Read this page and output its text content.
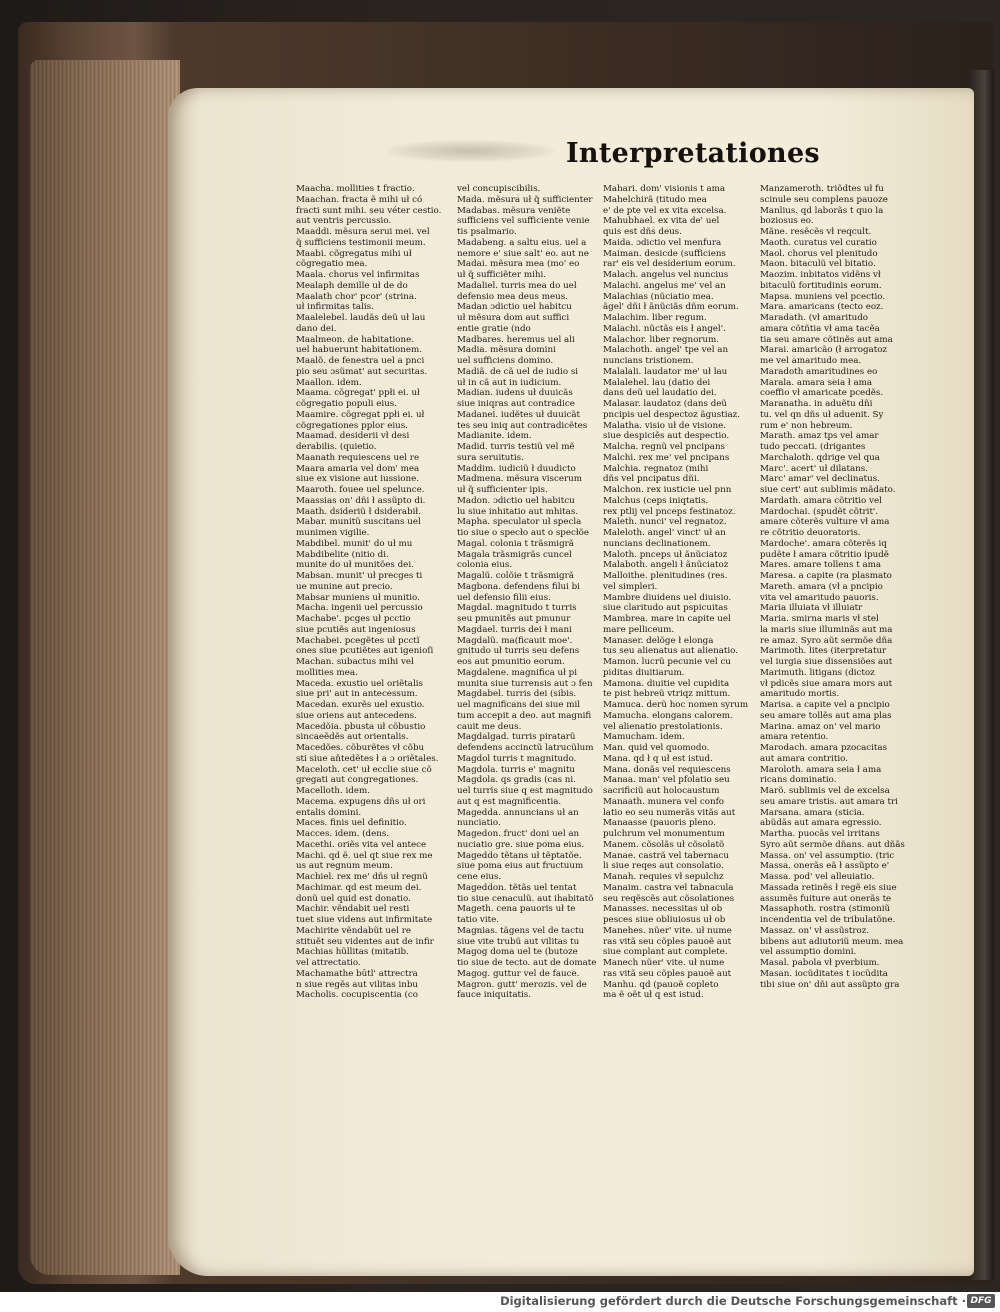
Interpretationes
Maacha. mollities t̃ fractio.
Maachan. fracta ẽ mihi uł có
fracti sunt mihi. seu véter cestio.
aut ventris percussio.
Maaddi. mẽsura serui mei. vel
q̃ sufficiens testimonii meum.
Maabi. cõgregatus mihi uł
cõgregatio mea.
Maala. chorus vel infirmitas
Mealaph demille uł de do
Maalath chor' pcor' (strina.
uł infirmitas talis.
Maalelebel. laudãs deũ uł lau
dano dei.
Maalmeon. de habitatione.
uel habuerunt habitationem.
Maalõ. de fenestra uel a pnci
pio seu ɔsũmat' aut securitas.
Maallon. idem.
Maama. cõgregat' ppłi ei. uł
cõgregatio populi eius.
Maamire. cõgregat ppłi ei. uł
cõgregationes pplor eius.
Maamad. desiderii vł desi
derabilis. (quietio.
Maanath requiescens uel re
Maara amaria vel dom' mea
siue ex visione aut iussione.
Maaroth. fouee uel spelunce.
Maassias on' dñi ł assũpto di.
Maath. dsideriũ ł dsiderabił.
Mabar. munitũ suscitans uel
munimen vigilie.
Mabdibel. munit' do uł mu
Mabdibelite (nitio di.
munite do uł munitões dei.
Mabsan. munit' uł precges ti
ue munine aut precio.
Mabsar muniens uł munitio.
Macha. ingenii uel percussio
Machabe'. pcges uł pcctio
siue pcutiẽs aut ingeniosus
Machabei. pcegẽtes uł pcctĩ
ones siue pcutiẽtes aut igenioſi
Machan. subactus mihi vel
mollities mea.
Maceda. exustio uel oriẽtalis
siue pri' aut in antecessum.
Macedan. exurẽs uel exustio.
siue oriens aut antecedens.
Macedõia. pbusta uł cõbustio
sincaeẽdẽs aut orientalis.
Macedões. cõburẽtes vł cõbu
sti siue aňtedẽtes ł a ɔ oriẽtales.
Maceloth. cet' uł ecclie siue cõ
gregati aut congregationes.
Macelloth. idem.
Macema. expugens dñs uł ori
entalis domini.
Maces. finis uel definitio.
Macces. idem. (dens.
Macethi. oriẽs vita vel antece
Machi. qd ẽ. uel qt siue rex me
us aut regnum meum.
Machiel. rex me' dñs uł regnũ
Machimar. qd est meum dei.
donũ uel quid est donatio.
Machir. vẽndabit uel resti
tuet siue videns aut infirmitate
Machirite vẽndabũt uel re
stituẽt seu videntes aut de infir
Machias hũllitas (mitatib.
vel attrectatio.
Machamathe būtl' attrectra
n siue regẽs aut vilitas inbu
Macholis. cocupiscentia (co
vel concupiscibilis.
Mada. mẽsura uł q̃ sufficienter
Madabas. mẽsura veniẽte
sufficiens vel sufficiente venie
tis psalmario.
Madabeng. a saltu eius. uel a
nemore e' siue salt' eo. aut ne
Madai. mẽsura mea (mo' eo
uł q̃ sufficiẽter mihi.
Madaliel. turris mea do uel
defensio mea deus meus.
Madan ɔdictio uel habitcu
uł mẽsura dom aut suffici
entie gratie (ndo
Madbares. heremus uel ali
Madia. mẽsura domini
uel sufficiens domino.
Madiã. de cã uel de iudio si
uł in cã aut in iudicium.
Madian. iudens uł duuicãs
siue iniqras aut contradice
Madanei. iudẽtes uł duuicãt
tes seu iniq aut contradicẽtes
Madianite. idem.
Madid. turris testiũ vel mẽ
sura seruitutis.
Maddim. iudiciũ ł duudicto
Madmena. mẽsura viscerum
uł q̃ sufficienter ipis.
Madon. ɔdictio uel habitcu
lu siue inhitatio aut mhitas.
Mapha. speculator uł specla
tio siue o specło aut o specłõe
Magal. colonia t trãsmigrã
Magala trãsmigrãs cuncel
colonia eius.
Magalũ. colõie t trãsmigrã
Magbona. defendens filui bi
uel defensio filii eius.
Magdal. magnitudo t turris
seu pmunitẽs aut pmunur
Magdael. turris dei ł mani
Magdalũ. ma(ficauit moe'.
gnitudo uł turris seu defens
eos aut pmunitio eorum.
Magdalene. magnifica uł pi
munita siue turrensis aut ɔ fen
Magdabel. turris dei (sibis.
uel magnificans dei siue mil
tum accepit a deo. aut magnifi
cauit me deus.
Magdalgad. turris piratarũ
defendens accinctũ latrucũlum
Magdol turris t magnitudo.
Magdola. turris e' magnitu
Magdola. qs gradis (cas ni.
uel turris siue q est magnitudo
aut q est magnificentia.
Magedda. annuncians uł an
nunciatio.
Magedon. fruct' doni uel an
nuciatio gre. siue poma eius.
Mageddo tẽtans uł tẽptatõe.
siue poma eius aut fructuum
cene eius.
Mageddon. tẽtãs uel tentat
tio siue cenaculũ. aut ihabitatõ
Mageth. cena pauoris uł te
tatio vite.
Magnias. tãgens vel de tactu
siue vite trubũ aut vilitas tu
Magog doma uel te (butoze
tio siue de tecto. aut de domate
Magog. guttur vel de fauce.
Magron. gutt' merozis. vel de
fauce iniquitatis.
Mahari. dom' visionis t ama
Mahelchirã (titudo mea
e' de pte vel ex vita excelsa.
Mahubhael. ex vita de' uel
quis est dñs deus.
Maida. ɔdictio vel menfura
Maiman. desicde (sufficiens
rar' eis vel desiderium eorum.
Malach. angelus vel nuncius
Malachi. angelus me' vel an
Malachias (nũciatio mea.
ãgel' dñi ł ãnũciãs dñm eorum.
Malachim. liber regum.
Malachi. nũctãs eis ł angel'.
Malachor. liber regnorum.
Malachoth. angel' tpe vel an
nuncians tristionem.
Malalali. laudator me' uł lau
Malalehel. lau (datio dei
dans deũ uel laudatio dei.
Malasar. laudatoz (dans deũ
pncipis uel despectoz ãgustiaz.
Malatha. visio uł de visione.
siue despiciẽs aut despectio.
Malcha. regnũ vel pncipans
Malchi. rex me' vel pncipans
Malchia. regnatoz (mihi
dñs vel pncipatus dñi.
Malchon. rex iusticie uel pnn
Malchus (ceps iniqtatis.
rex ptlij vel pnceps festinatoz.
Maleth. nunci' vel regnatoz.
Maleloth. angel' vinct' uł an
nuncians declinationem.
Maloth. pnceps uł ãnũciatoz
Malaboth. angeli ł ãnũciatoz
Malloithe. plenitudines (res.
vel simpleri.
Mambre diuidens uel diuisio.
siue claritudo aut pspicuitas
Mambrea. mare in capite uel
mare pelliceum.
Manaser. delõge ł elonga
tus seu alienatus aut alienatio.
Mamon. lucrũ pecunie vel cu
piditas diuitiarum.
Mamona. diuitie vel cupidita
te pist hebreũ vtriqz mittum.
Mamuca. derũ hoc nomen syrum
Mamucha. elongans calorem.
vel alienatio prestolationis.
Mamucham. idem.
Man. quid vel quomodo.
Mana. qd ł q uł est istud.
Mana. donãs vel requiescens
Manaa. man' vel pfolatio seu
sacrificiũ aut holocaustum
Manaath. munera vel confo
latio eo seu numerãs vitãs aut
Manaasse (pauoris pleno.
pulchrum vel monumentum
Manem. cõsolãs uł cõsolatõ
Manae. castrã vel tabernacu
li siue reqes aut consolatio.
Manah. requies vł sepulchz
Manaim. castra vel tabnacula
seu reqẽscẽs aut cõsolationes
Manasses. necessitas uł ob
pesces siue obliuiosus uł ob
Manehes. nũer' vite. uł nume
ras vitã seu cõples pauoẽ aut
siue complant aut complete.
Manech nũer' vite. uł nume
ras vitã seu cõples pauoẽ aut
Manhu. qd (pauoẽ copleto
ma ẽ oẽt uł q est istud.
Manzameroth. triõdtes uł fu
scinule seu complens pauoze
Manlius. qd laborãs t quo la
boziosus eo.
Mãne. resẽcẽs vł reqcult.
Maoth. curatus vel curatio
Maol. chorus vel plenitudo
Maon. bitaculũ vel bitatio.
Maozim. inbitatos vidẽns vł
bitaculũ fortitudinis eorum.
Mapsa. muniens vel pcectio.
Mara. amaricans (tecto eoz.
Maradath. (vł amaritudo
amara cõtñtia vł ama tacẽa
tia seu amare cõtinẽs aut ama
Marai. amaricão (ł arrogatoz
me vel amaritudo mea.
Maradoth amaritudines eo
Marala. amara seia ł ama
coeffio vł amaricate pcedẽs.
Maranatha. in aduẽtu dñi
tu. vel qn dñs uł aduenit. Sy
rum e' non hebreum.
Marath. amaz tps vel amar
tudo peccati. (drigantes
Marchaloth. qdrige vel qua
Marc'. acert' uł dilatans.
Marc' amar' vel declinatus.
siue cert' aut sublimis mãdato.
Mardath. amara cõtritio vel
Mardochai. (spudẽt cõtrit'.
amare cõterẽs vulture vł ama
re cõtritio deuoratoris.
Mardoche'. amara cõterẽs iq
pudẽte ł amara cõtritio ipudẽ
Mares. amare tollens t ama
Maresa. a capite (ra plasmato
Mareth. amara (vł a pncipio
vita vel amaritudo pauoris.
Maria illuiata vł illuiatr
Maria. smirna maris vł stel
la maris siue illuminãs aut ma
re amaz. Syro aũt sermõe dña
Marimoth. lites (iterpretatur
vel iurgia siue dissensiões aut
Marimuth. litigans (dictoz
vł pdicẽs siue amara mors aut
amaritudo mortis.
Marisa. a capite vel a pncipio
seu amare tollẽs aut ama plas
Marina. amaz on' vel mario
amara retentio.
Marodach. amara pzocacitas
aut amara contritio.
Maroloth. amara seia ł ama
ricans dominatio.
Marõ. sublimis vel de excelsa
seu amare tristis. aut amara tri
Marsana. amara (sticia.
abũdãs aut amara egressio.
Martha. puocãs vel irritans
Syro aũt sermõe dñans. aut dñãs
Massa. on' vel assumptio. (tric
Massa. onerãs eã ł assũpto e'
Massa. pod' vel alleuiatio.
Massada retinẽs ł regẽ eis siue
assumẽs fuiture aut onerãs te
Massaphoth. rostra (stimoniũ
incendentia vel de tribulatõne.
Massaz. on' vł assũstroz.
bibens aut adiutoriũ meum. mea
vel assumptio domini.
Masal. pabola vł pverbium.
Masan. iocũditates t iocũdita
tibi siue on' dñi aut assũpto gra
Digitalisierung gefördert durch die Deutsche Forschungsgemeinschaft · DFG
